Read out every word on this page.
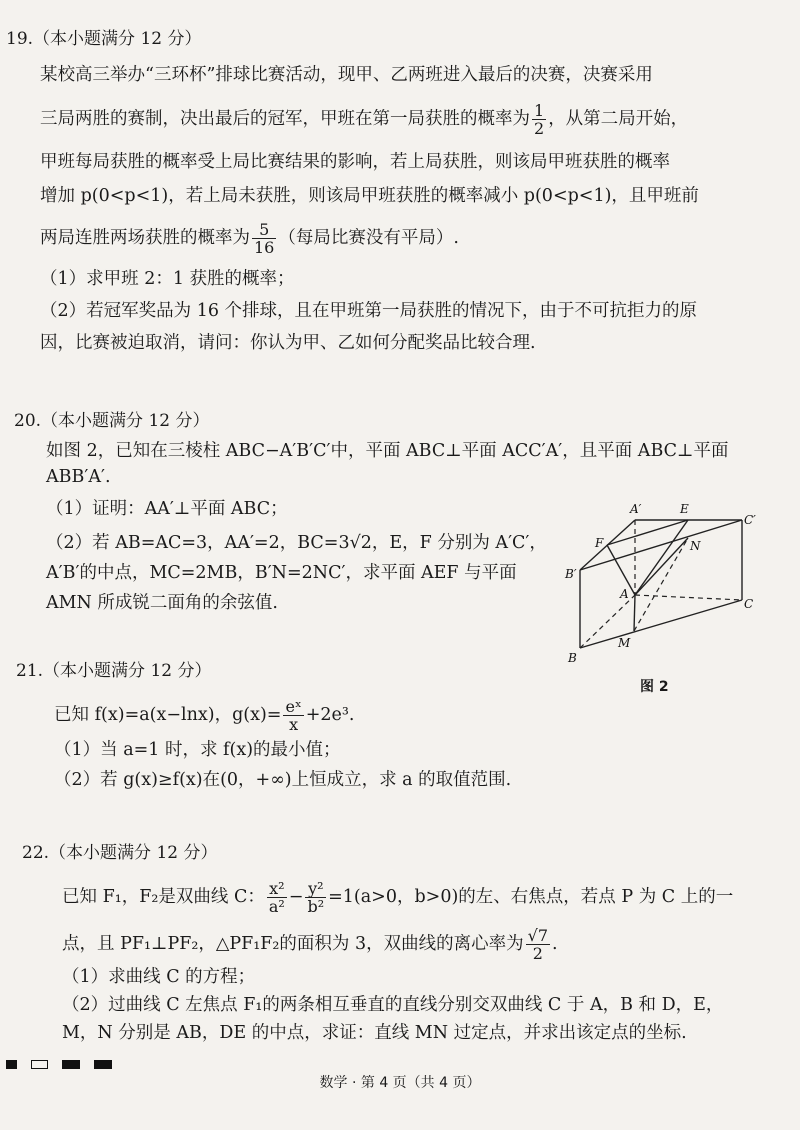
19.（本小题满分 12 分）
某校高三举办“三环杯”排球比赛活动，现甲、乙两班进入最后的决赛，决赛采用
三局两胜的赛制，决出最后的冠军，甲班在第一局获胜的概率为 $\frac{1}{2}$ ，从第二局开始，
甲班每局获胜的概率受上局比赛结果的影响，若上局获胜，则该局甲班获胜的概率
增加 p(0<p<1)，若上局未获胜，则该局甲班获胜的概率减小 p(0<p<1)，且甲班前
两局连胜两场获胜的概率为 $\frac{5}{16}$ （每局比赛没有平局）.
（1）求甲班 2：1 获胜的概率；
（2）若冠军奖品为 16 个排球，且在甲班第一局获胜的情况下，由于不可抗拒力的原
因，比赛被迫取消，请问：你认为甲、乙如何分配奖品比较合理.
20.（本小题满分 12 分）
如图 2，已知在三棱柱 ABC−A′B′C′中，平面 ABC⊥平面 ACC′A′，且平面 ABC⊥平面
ABB′A′.
（1）证明：AA′⊥平面 ABC；
（2）若 AB=AC=3，AA′=2，BC=3√2，E，F 分别为 A′C′，
A′B′的中点，MC=2MB，B′N=2NC′，求平面 AEF 与平面
AMN 所成锐二面角的余弦值.
A′	E
C′
F	N
B′
A
C
M
B
图 2
21.（本小题满分 12 分）
已知 f(x)=a(x−lnx)，$g(x)= \frac{\text{eˣ}}{x} +2e^3$.
（1）当 a=1 时，求 f(x)的最小值；
（2）若 g(x)≥f(x)在(0，+∞)上恒成立，求 a 的取值范围.
22.（本小题满分 12 分）
已知 F₁，F₂是双曲线 C： $\frac{\text{x²}}{\text{a²}} - \frac{\text{y²}}{\text{b²}} =1(a>0$，b>0)的左、右焦点，若点 P 为 C 上的一
点，且 PF₁⊥PF₂，△PF₁F₂的面积为 3，双曲线的离心率为 $\frac{√7}{2}$ .
（1）求曲线 C 的方程；
（2）过曲线 C 左焦点 F₁的两条相互垂直的直线分别交双曲线 C 于 A，B 和 D，E，
M，N 分别是 AB，DE 的中点，求证：直线 MN 过定点，并求出该定点的坐标.
数学 · 第 4 页（共 4 页）
